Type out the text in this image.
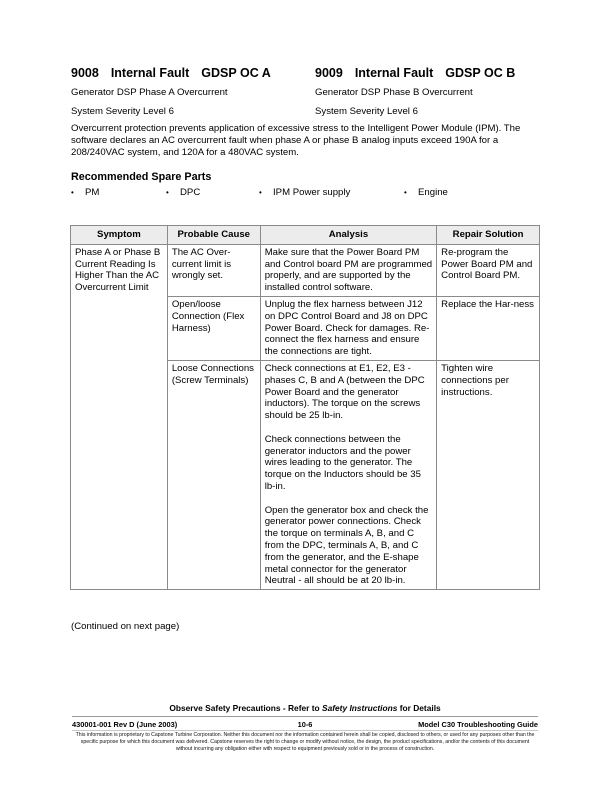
9008 Internal Fault GDSP OC A	9009 Internal Fault GDSP OC B
Generator DSP Phase A Overcurrent	Generator DSP Phase B Overcurrent
System Severity Level 6	System Severity Level 6

Overcurrent protection prevents application of excessive stress to the Intelligent Power Module (IPM). The software declares an AC overcurrent fault when phase A or phase B analog inputs exceed 190A for a 208/240VAC system, and 120A for a 480VAC system.

Recommended Spare Parts
• PM	• DPC	• IPM Power supply	• Engine
Symptom	Probable Cause	Analysis	Repair Solution
Phase A or Phase B Current Reading Is Higher Than the AC Overcurrent Limit	The AC Over-current limit is wrongly set.	Make sure that the Power Board PM and Control board PM are programmed properly, and are supported by the installed control software.	Re-program the Power Board PM and Control Board PM.
	Open/loose Connection (Flex Harness)	Unplug the flex harness between J12 on DPC Control Board and J8 on DPC Power Board. Check for damages. Re-connect the flex harness and ensure the connections are tight.	Replace the Har-ness
	Loose Connections (Screw Terminals)	Check connections at E1, E2, E3 - phases C, B and A (between the DPC Power Board and the generator inductors). The torque on the screws should be 25 lb-in.
Check connections between the generator inductors and the power wires leading to the generator. The torque on the Inductors should be 35 lb-in.
Open the generator box and check the generator power connections. Check the torque on terminals A, B, and C from the DPC, terminals A, B, and C from the generator, and the E-shape metal connector for the generator Neutral - all should be at 20 lb-in.	Tighten wire connections per instructions.
(Continued on next page)
Observe Safety Precautions - Refer to Safety Instructions for Details
430001-001 Rev D (June 2003)	10-6	Model C30 Troubleshooting Guide

This information is proprietary to Capstone Turbine Corporation. Neither this document nor the information contained herein shall be copied, disclosed to others, or used for any purposes other than the specific purpose for which this document was delivered. Capstone reserves the right to change or modify without notice, the design, the product specifications, and/or the contents of this document without incurring any obligation either with respect to equipment previously sold or in the process of construction.
